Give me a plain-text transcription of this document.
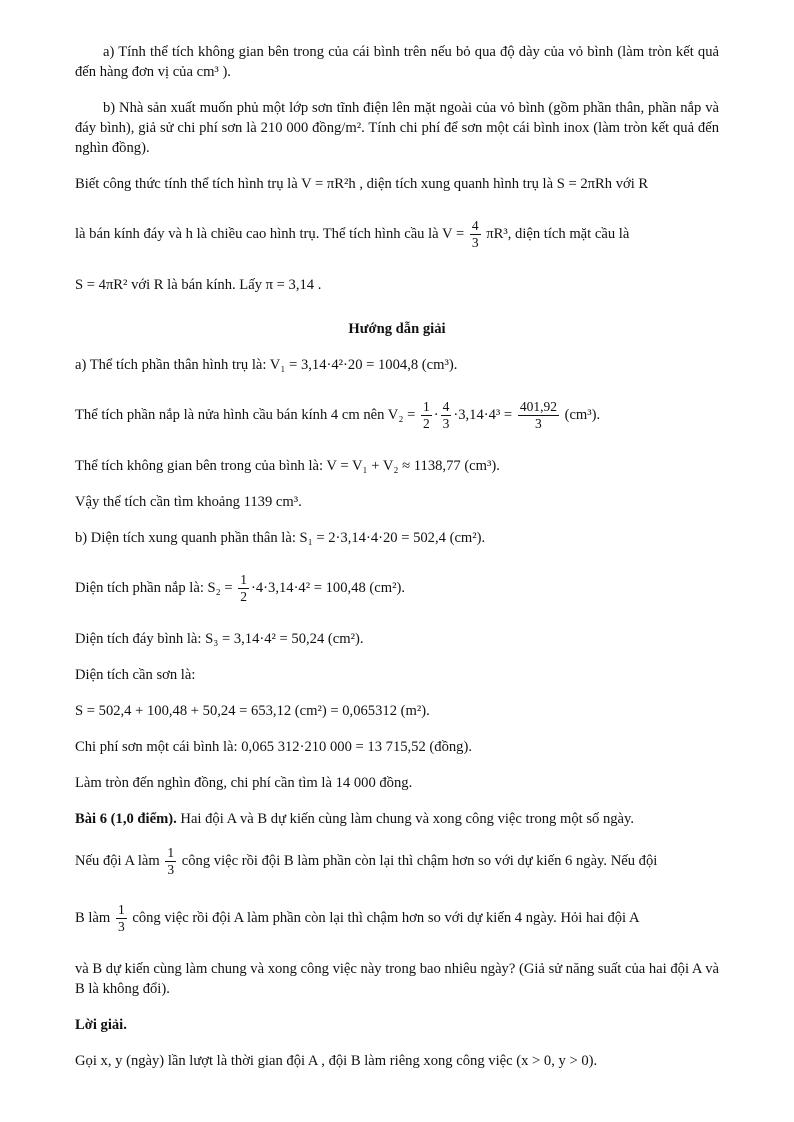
a) Tính thể tích không gian bên trong của cái bình trên nếu bỏ qua độ dày của vỏ bình (làm tròn kết quả đến hàng đơn vị của cm³ ).

b) Nhà sản xuất muốn phủ một lớp sơn tĩnh điện lên mặt ngoài của vỏ bình (gồm phần thân, phần nắp và đáy bình), giả sử chi phí sơn là 210 000 đồng/m². Tính chi phí để sơn một cái bình inox (làm tròn kết quả đến nghìn đồng).

Biết công thức tính thể tích hình trụ là V = πR²h , diện tích xung quanh hình trụ là S = 2πRh với R

là bán kính đáy và h là chiều cao hình trụ. Thể tích hình cầu là $V = \frac{4}{3} \pi R^3$, diện tích mặt cầu là

S = 4πR² với R là bán kính. Lấy π = 3,14 .

Hướng dẫn giải

a) Thể tích phần thân hình trụ là: V₁ = 3,14·4²·20 = 1004,8 (cm³).

Thể tích phần nắp là nửa hình cầu bán kính 4 cm nên $V_2 = \frac{1}{2} \cdot \frac{4}{3} \cdot 3,14\cdot 4^3 = \frac{401,92}{3} (cm^3)$.

Thể tích không gian bên trong của bình là: V = V₁ + V₂ ≈ 1138,77 (cm³).

Vậy thể tích cần tìm khoảng 1139 cm³.

b) Diện tích xung quanh phần thân là: S₁ = 2·3,14·4·20 = 502,4 (cm²).

Diện tích phần nắp là: $S_2 = \frac{1}{2} \cdot 4\cdot 3,14\cdot 4^2 = 100,48$ (cm²).

Diện tích đáy bình là: S₃ = 3,14·4² = 50,24 (cm²).

Diện tích cần sơn là:

S = 502,4 + 100,48 + 50,24 = 653,12 (cm²) = 0,065312 (m²).

Chi phí sơn một cái bình là: 0,065 312·210 000 = 13 715,52 (đồng).

Làm tròn đến nghìn đồng, chi phí cần tìm là 14 000 đồng.

Bài 6 (1,0 điểm). Hai đội A và B dự kiến cùng làm chung và xong công việc trong một số ngày.

Nếu đội A làm $\frac{1}{3}$ công việc rồi đội B làm phần còn lại thì chậm hơn so với dự kiến 6 ngày. Nếu đội

B làm $\frac{1}{3}$ công việc rồi đội A làm phần còn lại thì chậm hơn so với dự kiến 4 ngày. Hỏi hai đội A

và B dự kiến cùng làm chung và xong công việc này trong bao nhiêu ngày? (Giả sử năng suất của hai đội A và B là không đổi).

Lời giải.

Gọi x, y (ngày) lần lượt là thời gian đội A , đội B làm riêng xong công việc (x > 0, y > 0).
